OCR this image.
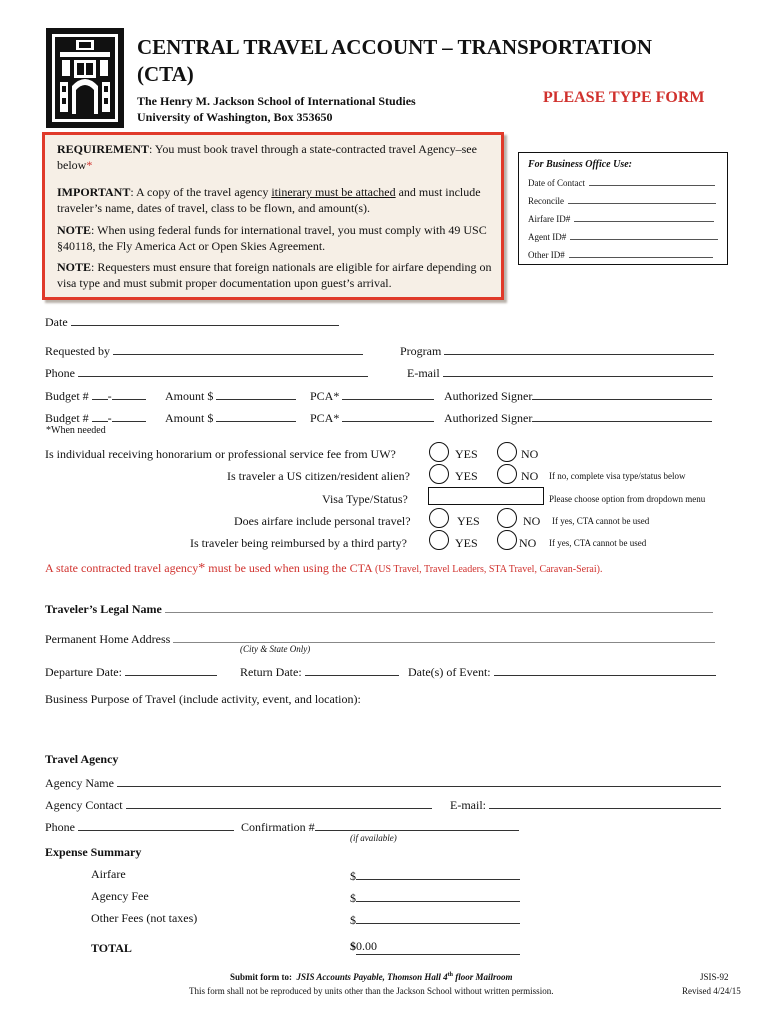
CENTRAL TRAVEL ACCOUNT – TRANSPORTATION
(CTA)
The Henry M. Jackson School of International Studies
University of Washington, Box 353650
PLEASE TYPE FORM

REQUIREMENT: You must book travel through a state-contracted travel Agency–see below*

IMPORTANT: A copy of the travel agency itinerary must be attached and must include traveler’s name, dates of travel, class to be flown, and amount(s).

NOTE: When using federal funds for international travel, you must comply with 49 USC §40118, the Fly America Act or Open Skies Agreement.

NOTE: Requesters must ensure that foreign nationals are eligible for airfare depending on visa type and must submit proper documentation upon guest’s arrival.

For Business Office Use:
Date of Contact
Reconcile
Airfare ID#
Agent ID#
Other ID#
Date
Requested by	Program
Phone	E-mail
Budget # -	Amount $	PCA*	Authorized Signer
Budget # -	Amount $	PCA*	Authorized Signer
*When needed
Is individual receiving honorarium or professional service fee from UW?	YES	NO
Is traveler a US citizen/resident alien?	YES	NO If no, complete visa type/status below
Visa Type/Status?	Please choose option from dropdown menu
Does airfare include personal travel?	YES	NO If yes, CTA cannot be used
Is traveler being reimbursed by a third party?	YES	NO If yes, CTA cannot be used
A state contracted travel agency* must be used when using the CTA (US Travel, Travel Leaders, STA Travel, Caravan-Serai).
Traveler’s Legal Name
Permanent Home Address
(City & State Only)
Departure Date:	Return Date:	Date(s) of Event:
Business Purpose of Travel (include activity, event, and location):
Travel Agency
Agency Name
Agency Contact	E-mail:
Phone	Confirmation #
(if available)
Expense Summary
Airfare	$
Agency Fee	$
Other Fees (not taxes)	$
TOTAL	$0.00
Submit form to: JSIS Accounts Payable, Thomson Hall 4th floor Mailroom
This form shall not be reproduced by units other than the Jackson School without written permission.
JSIS-92
Revised 4/24/15
